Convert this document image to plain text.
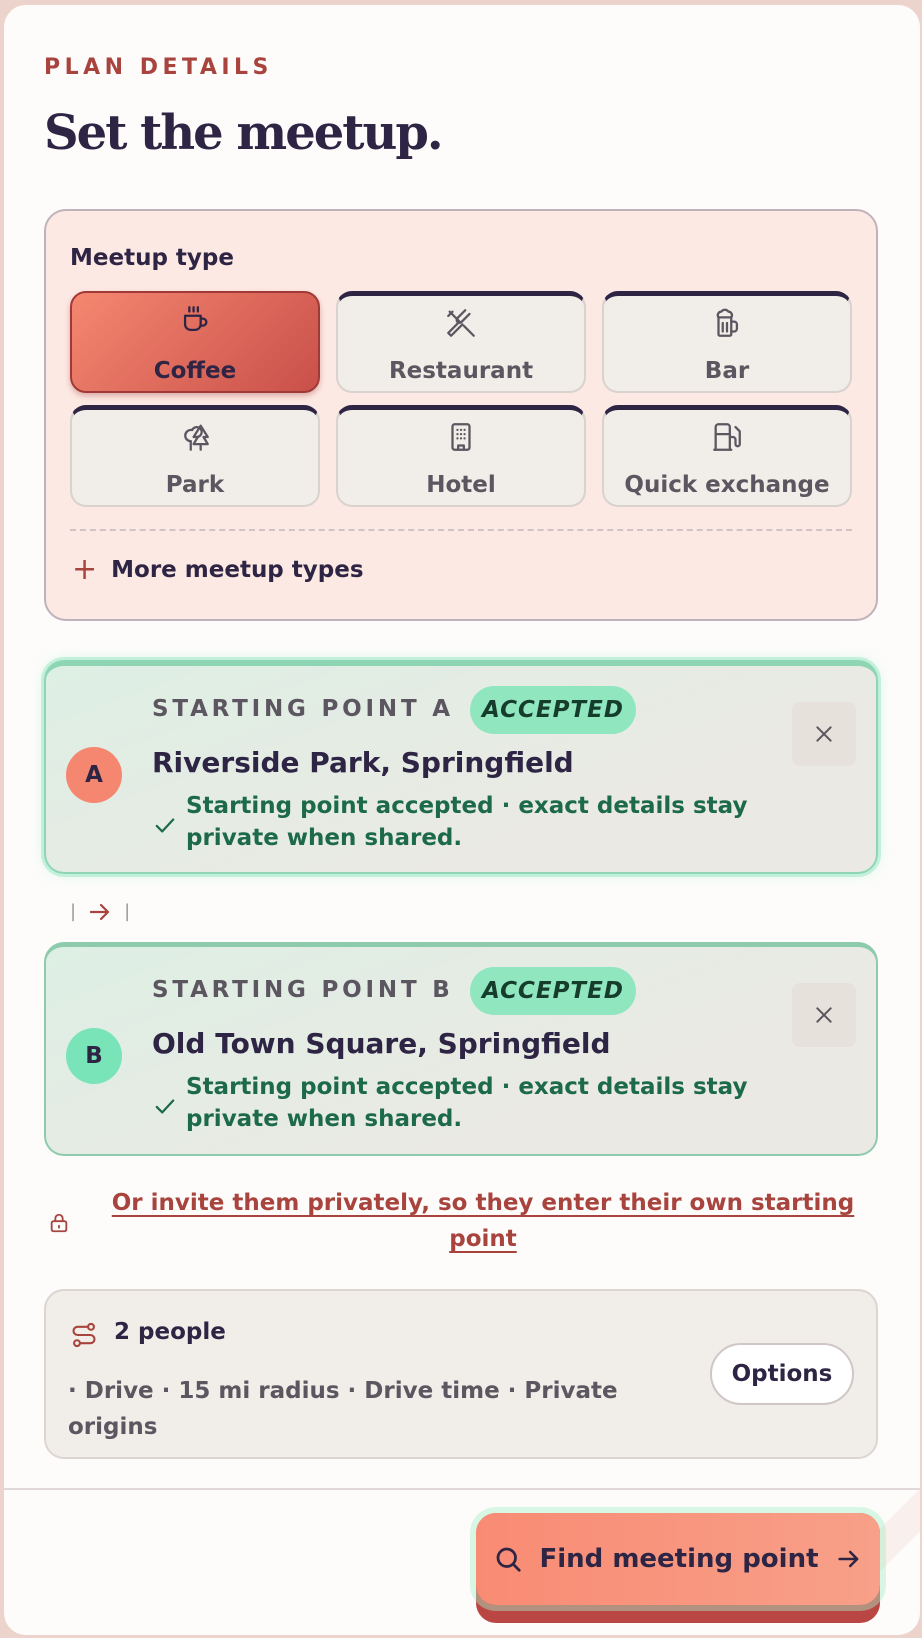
PLAN DETAILS
Set the meetup.
Meetup type
Coffee	Restaurant	Bar
Park	Hotel	Quick exchange
+ More meetup types
A
STARTING POINT A	ACCEPTED
Riverside Park, Springfield
Starting point accepted · exact details stay private when shared.
|	|
B
STARTING POINT B	ACCEPTED
Old Town Square, Springfield
Starting point accepted · exact details stay private when shared.
Or invite them privately, so they enter their own starting point
2 people
· Drive · 15 mi radius · Drive time · Private origins
Options
Find meeting point
